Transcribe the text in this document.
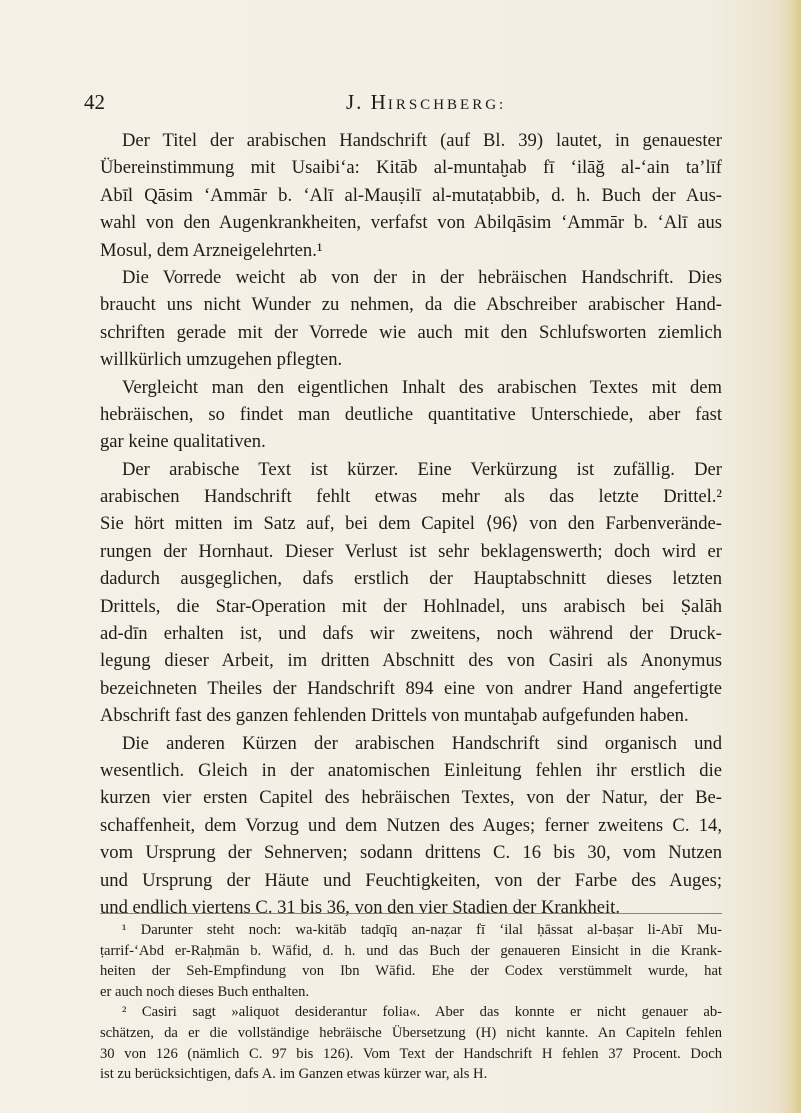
42	J. HIRSCHBERG:
Der Titel der arabischen Handschrift (auf Bl. 39) lautet, in genauester
Übereinstimmung mit Usaibi‘a: Kitāb al-muntaḫab fī ‘ilāğ al-‘ain ta’līf
Abīl Qāsim ‘Ammār b. ‘Alī al-Mauṣilī al-mutaṭabbib, d. h. Buch der Aus-
wahl von den Augenkrankheiten, verfafst von Abilqāsim ‘Ammār b. ‘Alī aus
Mosul, dem Arzneigelehrten.¹
Die Vorrede weicht ab von der in der hebräischen Handschrift. Dies
braucht uns nicht Wunder zu nehmen, da die Abschreiber arabischer Hand-
schriften gerade mit der Vorrede wie auch mit den Schlufsworten ziemlich
willkürlich umzugehen pflegten.
Vergleicht man den eigentlichen Inhalt des arabischen Textes mit dem
hebräischen, so findet man deutliche quantitative Unterschiede, aber fast
gar keine qualitativen.
Der arabische Text ist kürzer. Eine Verkürzung ist zufällig. Der
arabischen Handschrift fehlt etwas mehr als das letzte Drittel.²
Sie hört mitten im Satz auf, bei dem Capitel ⟨96⟩ von den Farbenverände-
rungen der Hornhaut. Dieser Verlust ist sehr beklagenswerth; doch wird er
dadurch ausgeglichen, dafs erstlich der Hauptabschnitt dieses letzten
Drittels, die Star-Operation mit der Hohlnadel, uns arabisch bei Ṣalāh
ad-dīn erhalten ist, und dafs wir zweitens, noch während der Druck-
legung dieser Arbeit, im dritten Abschnitt des von Casiri als Anonymus
bezeichneten Theiles der Handschrift 894 eine von andrer Hand angefertigte
Abschrift fast des ganzen fehlenden Drittels von muntaḫab aufgefunden haben.
Die anderen Kürzen der arabischen Handschrift sind organisch und
wesentlich. Gleich in der anatomischen Einleitung fehlen ihr erstlich die
kurzen vier ersten Capitel des hebräischen Textes, von der Natur, der Be-
schaffenheit, dem Vorzug und dem Nutzen des Auges; ferner zweitens C. 14,
vom Ursprung der Sehnerven; sodann drittens C. 16 bis 30, vom Nutzen
und Ursprung der Häute und Feuchtigkeiten, von der Farbe des Auges;
und endlich viertens C. 31 bis 36, von den vier Stadien der Krankheit.
¹ Darunter steht noch: wa-kitāb tadqīq an-naẓar fī ‘ilal ḥāssat al-baṣar li-Abī Mu-
ṭarrif-‘Abd er-Raḥmān b. Wāfid, d. h. und das Buch der genaueren Einsicht in die Krank-
heiten der Seh-Empfindung von Ibn Wāfid. Ehe der Codex verstümmelt wurde, hat
er auch noch dieses Buch enthalten.
² Casiri sagt »aliquot desiderantur folia«. Aber das konnte er nicht genauer ab-
schätzen, da er die vollständige hebräische Übersetzung (H) nicht kannte. An Capiteln fehlen
30 von 126 (nämlich C. 97 bis 126). Vom Text der Handschrift H fehlen 37 Procent. Doch
ist zu berücksichtigen, dafs A. im Ganzen etwas kürzer war, als H.
